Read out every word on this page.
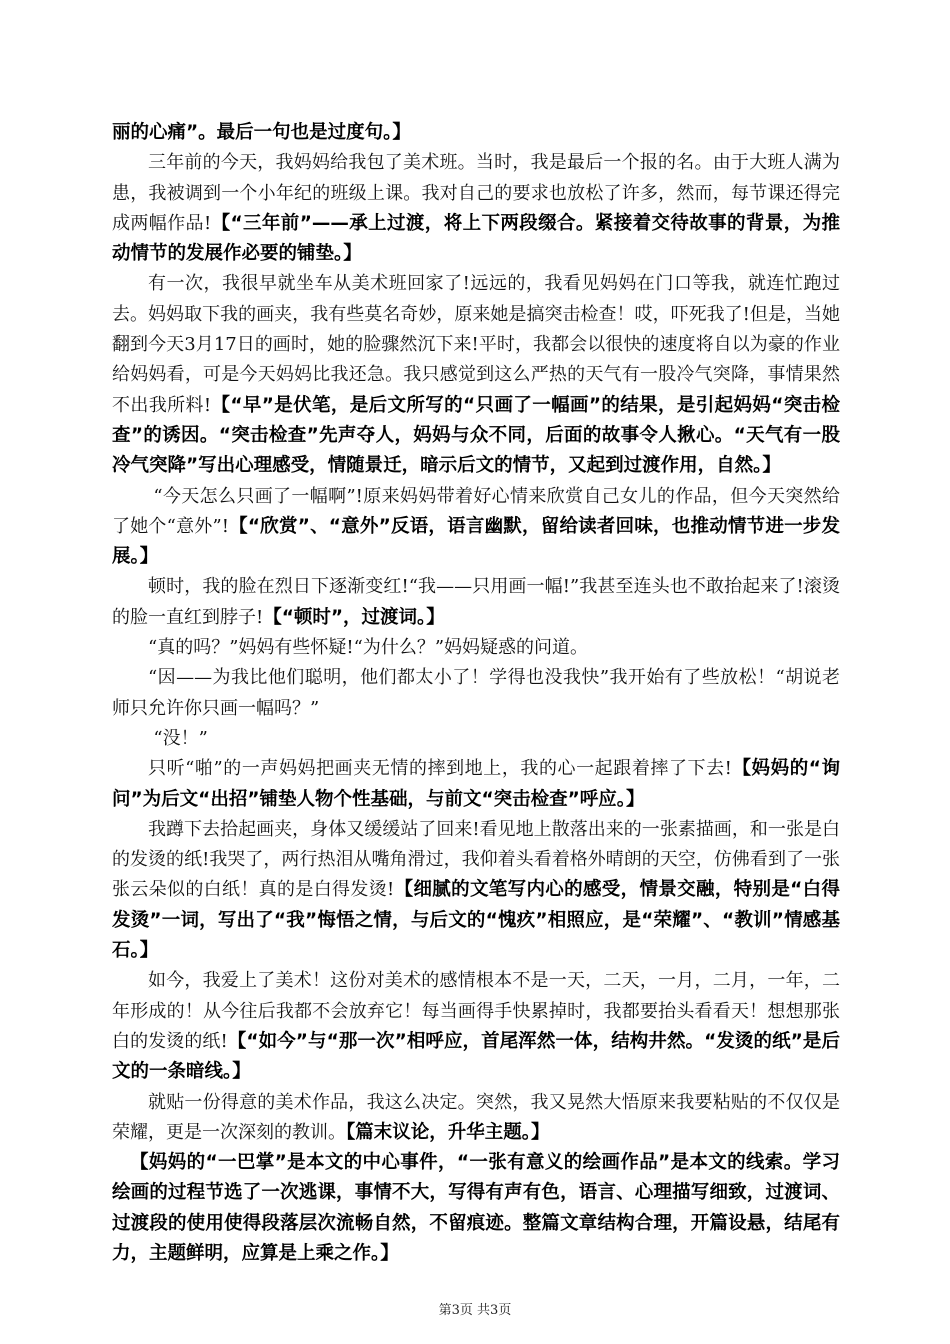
丽的心痛”。最后一句也是过度句。】

三年前的今天，我妈妈给我包了美术班。当时，我是最后一个报的名。由于大班人满为患，我被调到一个小年纪的班级上课。我对自己的要求也放松了许多，然而，每节课还得完成两幅作品!【“三年前”——承上过渡，将上下两段缀合。紧接着交待故事的背景，为推动情节的发展作必要的铺垫。】

有一次，我很早就坐车从美术班回家了!远远的，我看见妈妈在门口等我，就连忙跑过去。妈妈取下我的画夹，我有些莫名奇妙，原来她是搞突击检查！哎，吓死我了!但是，当她翻到今天3月17日的画时，她的脸骤然沉下来!平时，我都会以很快的速度将自以为豪的作业给妈妈看，可是今天妈妈比我还急。我只感觉到这么严热的天气有一股冷气突降，事情果然不出我所料!【“早”是伏笔，是后文所写的“只画了一幅画”的结果，是引起妈妈“突击检查”的诱因。“突击检查”先声夺人，妈妈与众不同，后面的故事令人揪心。“天气有一股冷气突降”写出心理感受，情随景迁，暗示后文的情节，又起到过渡作用，自然。】

“今天怎么只画了一幅啊”!原来妈妈带着好心情来欣赏自己女儿的作品，但今天突然给了她个“意外”!【“欣赏”、“意外”反语，语言幽默，留给读者回味，也推动情节进一步发展。】

顿时，我的脸在烈日下逐渐变红!“我——只用画一幅!”我甚至连头也不敢抬起来了!滚烫的脸一直红到脖子!【“顿时”，过渡词。】

“真的吗？”妈妈有些怀疑!“为什么？”妈妈疑惑的问道。

“因——为我比他们聪明，他们都太小了！学得也没我快”我开始有了些放松！“胡说老师只允许你只画一幅吗？”

“没！”

只听“啪”的一声妈妈把画夹无情的摔到地上，我的心一起跟着摔了下去!【妈妈的“询问”为后文“出招”铺垫人物个性基础，与前文“突击检查”呼应。】

我蹲下去拾起画夹，身体又缓缓站了回来!看见地上散落出来的一张素描画，和一张是白的发烫的纸!我哭了，两行热泪从嘴角滑过，我仰着头看着格外晴朗的天空，仿佛看到了一张张云朵似的白纸！真的是白得发烫!【细腻的文笔写内心的感受，情景交融，特别是“白得发烫”一词，写出了“我”悔悟之情，与后文的“愧疚”相照应，是“荣耀”、“教训”情感基石。】

如今，我爱上了美术！这份对美术的感情根本不是一天，二天，一月，二月，一年，二年形成的！从今往后我都不会放弃它！每当画得手快累掉时，我都要抬头看看天！想想那张白的发烫的纸!【“如今”与“那一次”相呼应，首尾浑然一体，结构井然。“发烫的纸”是后文的一条暗线。】

就贴一份得意的美术作品，我这么决定。突然，我又晃然大悟原来我要粘贴的不仅仅是荣耀，更是一次深刻的教训。【篇末议论，升华主题。】

【妈妈的“一巴掌”是本文的中心事件，“一张有意义的绘画作品”是本文的线索。学习绘画的过程节选了一次逃课，事情不大，写得有声有色，语言、心理描写细致，过渡词、过渡段的使用使得段落层次流畅自然，不留痕迹。整篇文章结构合理，开篇设悬，结尾有力，主题鲜明，应算是上乘之作。】

第3页 共3页
